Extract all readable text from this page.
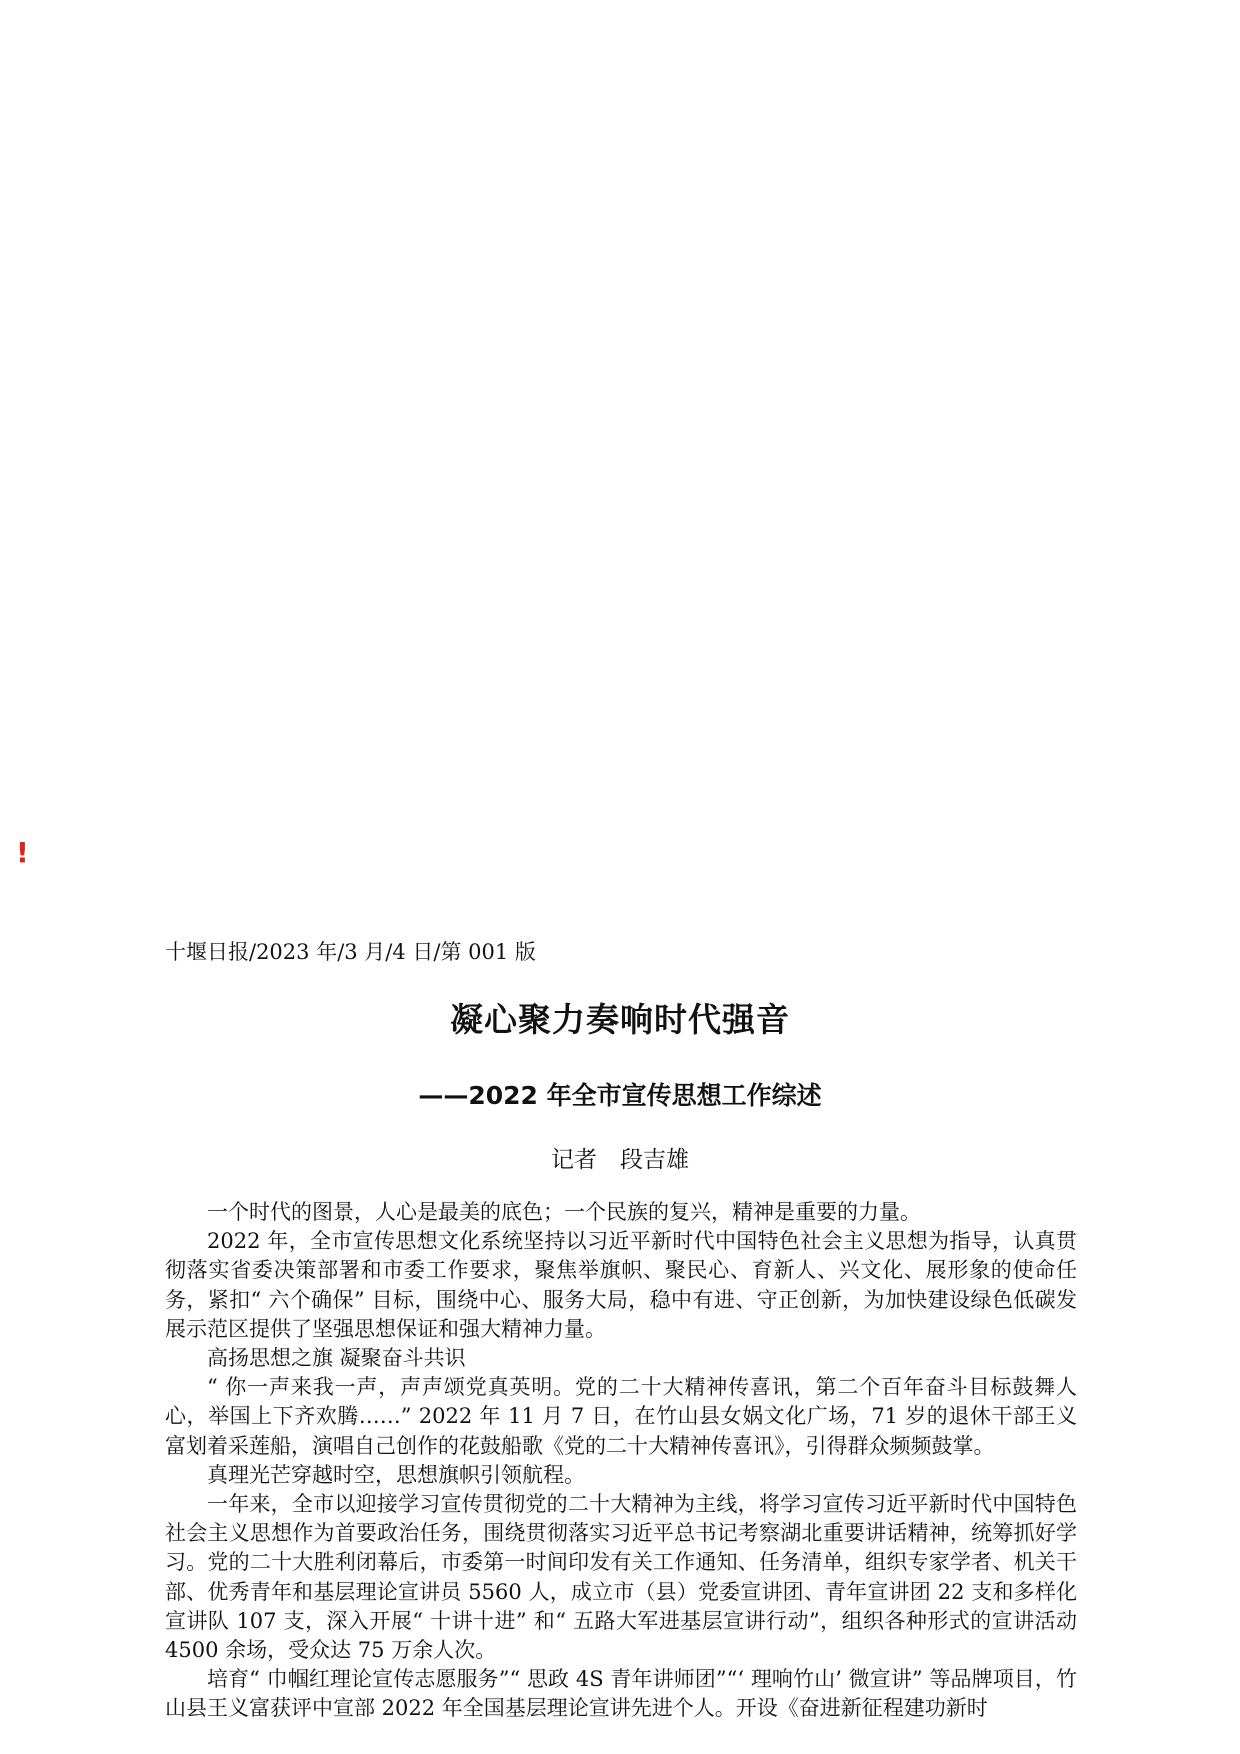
!
十堰日报/2023 年/3 月/4 日/第 001 版
凝心聚力奏响时代强音
——2022 年全市宣传思想工作综述
记者　段吉雄

一个时代的图景，人心是最美的底色；一个民族的复兴，精神是重要的力量。

2022 年，全市宣传思想文化系统坚持以习近平新时代中国特色社会主义思想为指导，认真贯彻落实省委决策部署和市委工作要求，聚焦举旗帜、聚民心、育新人、兴文化、展形象的使命任务，紧扣“ 六个确保” 目标，围绕中心、服务大局，稳中有进、守正创新，为加快建设绿色低碳发展示范区提供了坚强思想保证和强大精神力量。

高扬思想之旗 凝聚奋斗共识

“ 你一声来我一声，声声颂党真英明。党的二十大精神传喜讯，第二个百年奋斗目标鼓舞人心，举国上下齐欢腾……” 2022 年 11 月 7 日，在竹山县女娲文化广场，71 岁的退休干部王义富划着采莲船，演唱自己创作的花鼓船歌《党的二十大精神传喜讯》，引得群众频频鼓掌。

真理光芒穿越时空，思想旗帜引领航程。

一年来，全市以迎接学习宣传贯彻党的二十大精神为主线，将学习宣传习近平新时代中国特色社会主义思想作为首要政治任务，围绕贯彻落实习近平总书记考察湖北重要讲话精神，统筹抓好学习。党的二十大胜利闭幕后，市委第一时间印发有关工作通知、任务清单，组织专家学者、机关干部、优秀青年和基层理论宣讲员 5560 人，成立市（县）党委宣讲团、青年宣讲团 22 支和多样化宣讲队 107 支，深入开展“ 十讲十进” 和“ 五路大军进基层宣讲行动”，组织各种形式的宣讲活动 4500 余场，受众达 75 万余人次。

培育“ 巾帼红理论宣传志愿服务”“ 思政 4S 青年讲师团”“‘ 理响竹山’ 微宣讲” 等品牌项目，竹山县王义富获评中宣部 2022 年全国基层理论宣讲先进个人。开设《奋进新征程建功新时
